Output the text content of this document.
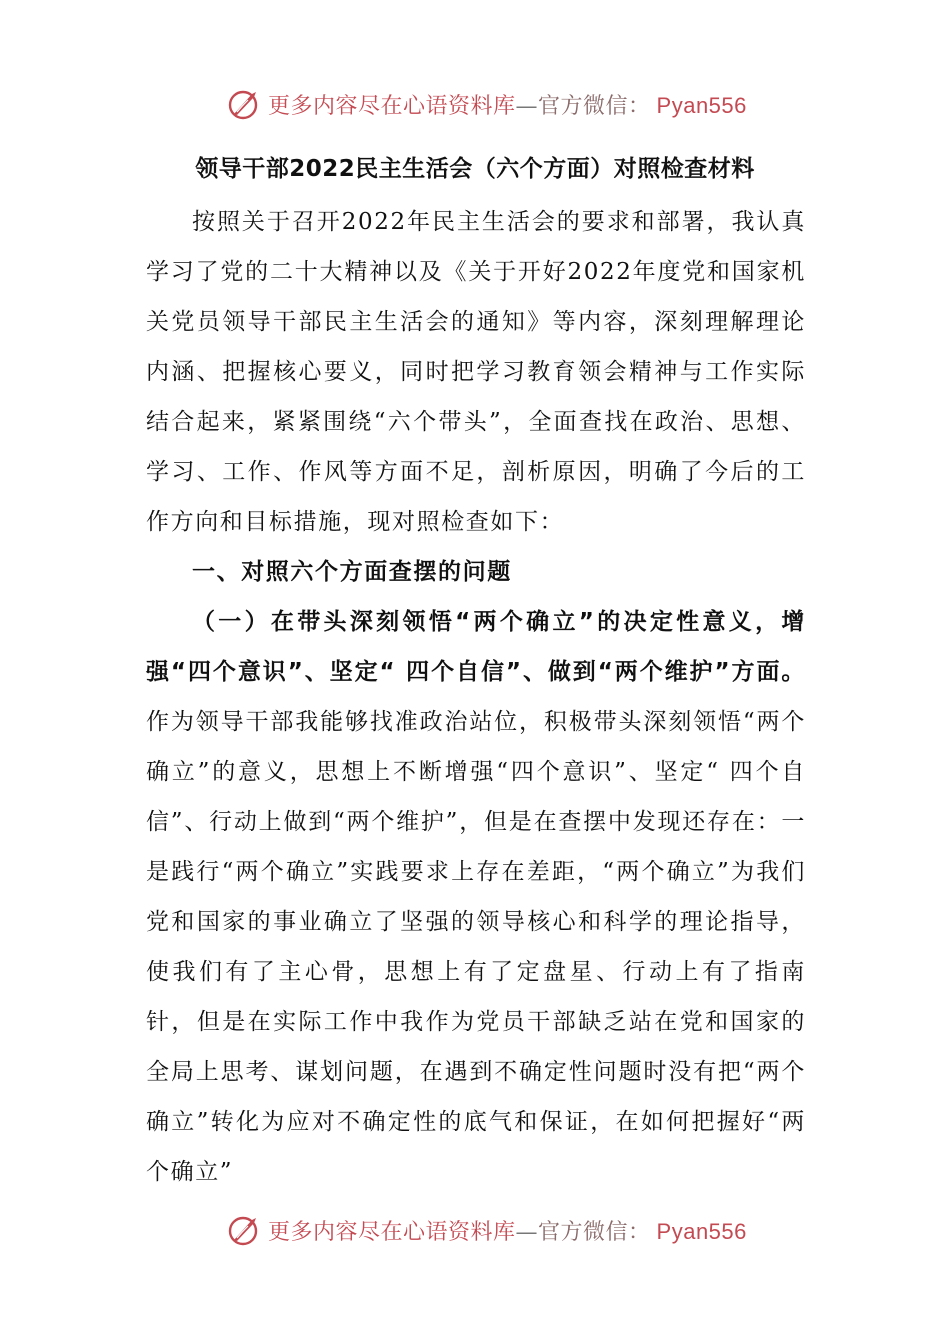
更多内容尽在心语资料库—官方微信： Pyan556
领导干部2022民主生活会（六个方面）对照检查材料

按照关于召开2022年民主生活会的要求和部署，我认真学习了党的二十大精神以及《关于开好2022年度党和国家机关党员领导干部民主生活会的通知》等内容，深刻理解理论内涵、把握核心要义，同时把学习教育领会精神与工作实际结合起来，紧紧围绕“六个带头”，全面查找在政治、思想、学习、工作、作风等方面不足，剖析原因，明确了今后的工作方向和目标措施，现对照检查如下：

一、对照六个方面查摆的问题

（一）在带头深刻领悟“两个确立”的决定性意义，增强“四个意识”、坚定“ 四个自信”、做到“两个维护”方面。作为领导干部我能够找准政治站位，积极带头深刻领悟“两个确立”的意义，思想上不断增强“四个意识”、坚定“ 四个自信”、行动上做到“两个维护”，但是在查摆中发现还存在：一是践行“两个确立”实践要求上存在差距，“两个确立”为我们党和国家的事业确立了坚强的领导核心和科学的理论指导，使我们有了主心骨，思想上有了定盘星、行动上有了指南针，但是在实际工作中我作为党员干部缺乏站在党和国家的全局上思考、谋划问题，在遇到不确定性问题时没有把“两个确立”转化为应对不确定性的底气和保证，在如何把握好“两个确立”

更多内容尽在心语资料库—官方微信： Pyan556
